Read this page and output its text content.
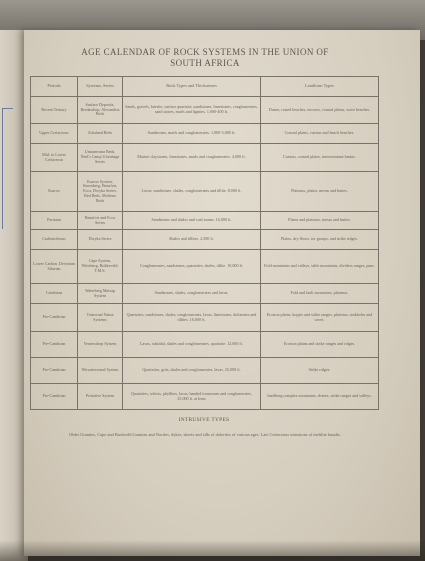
AGE CALENDAR OF ROCK SYSTEMS IN THE UNION OF
SOUTH AFRICA
Periods	Systems, Series	Rock Types and Thicknesses	Landform Types
Recent Tertiary	Surface Deposits, Bredasdorp, Alexandria Beds	Sands, gravels, laterite, surface quartzite, sandstones, limestones, conglomerates, sand stones, marls and lignites. 1,000-400 ft.	Dunes, raised beaches, terraces, coastal plains, wave benches.
Upper Cretaceous	Zululand Beds	Sandstones, marls and conglomerates. 1,000-5,000 ft.	Coastal plains, cuestas and beach benches.
Mid. to Lower Cretaceous	Umtamvuna Beds, Neel's Camp Uitenhage Series	Marine claystones, limestones, marls and conglomerates. 4,000 ft.	Cuestas, coastal plains, intermontane basins.
Karroo	Karroo System, Stormberg, Beaufort, Ecca, Dwyka Series, Red Beds, Molteno Beds	Lavas, sandstones, shales, conglomerates and tillite. 8,000 ft.	Plateaux, plains, mesas and buttes.
Permian	Beaufort and Ecca Series	Sandstones and shales and coal seams. 16,000 ft.	Plains and plateaux, mesas and buttes.
Carboniferous	Dwyka Series	Shales and tillites. 2,500 ft.	Plains, dry floors, tor groups, and strike ridges.
Lower Carbon. Devonian Silurian	Cape System, Witteberg, Bokkeveld, T.M.S.	Conglomerates, sandstones, quartzites, shales, tillite. 10,000 ft.	Fold mountains and valleys, table mountains, dividers ranges, pans.
Cambrian	Waterberg Matsap System	Sandstones, shales, conglomerates and lavas.	Fold and fault mountains, plateaux.
Pre-Cambrian	Transvaal Nama Systems	Quartzites, sandstones, shales, conglomerates, lavas, limestones, dolomites and tillites. 16,000 ft.	Erosion plains, kopjes and strike ranges, plateaux, sinkholes and caves.
Pre-Cambrian	Ventersdorp System	Lavas, subtidal, shales and conglomerates, quartzite. 12,000 ft.	Erosion plains and strike ranges and ridges.
Pre-Cambrian	Witwatersrand System	Quartzites, grits, shales and conglomerates, lavas. 25,000 ft.	Strike ridges.
Pre-Cambrian	Primitive System	Quartzites, schists, phyllites, lavas, banded ironstones and conglomerates. 25,000 ft. at least	Inselberg complex mountains, domes, strike ranges and valleys.
INTRUSIVE TYPES
Older Granites, Cape and Bushveld Granites and Norites, dykes, sheets and sills of dolerites of various ages. Late Cretaceous intrusions of melilite basalts.
